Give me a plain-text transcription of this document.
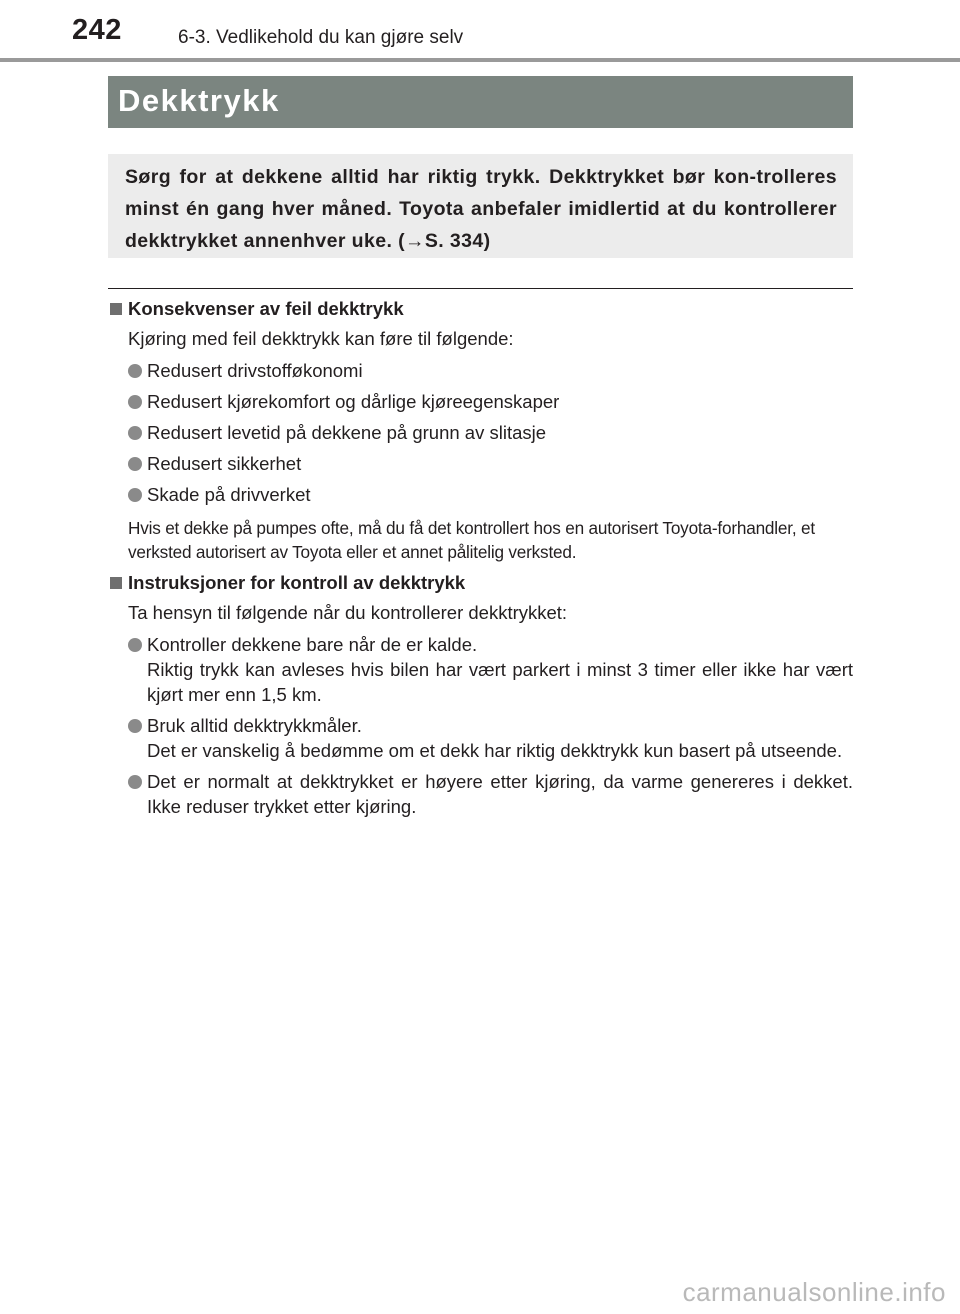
242	6-3. Vedlikehold du kan gjøre selv
Dekktrykk
Sørg for at dekkene alltid har riktig trykk. Dekktrykket bør kon-trolleres minst én gang hver måned. Toyota anbefaler imidlertid at du kontrollerer dekktrykket annenhver uke. (→S. 334)
Konsekvenser av feil dekktrykk
Kjøring med feil dekktrykk kan føre til følgende:
Redusert drivstofføkonomi
Redusert kjørekomfort og dårlige kjøreegenskaper
Redusert levetid på dekkene på grunn av slitasje
Redusert sikkerhet
Skade på drivverket
Hvis et dekke på pumpes ofte, må du få det kontrollert hos en autorisert Toyota-forhandler, et verksted autorisert av Toyota eller et annet pålitelig verksted.
Instruksjoner for kontroll av dekktrykk
Ta hensyn til følgende når du kontrollerer dekktrykket:
Kontroller dekkene bare når de er kalde.
Riktig trykk kan avleses hvis bilen har vært parkert i minst 3 timer eller ikke har vært kjørt mer enn 1,5 km.
Bruk alltid dekktrykkmåler.
Det er vanskelig å bedømme om et dekk har riktig dekktrykk kun basert på utseende.
Det er normalt at dekktrykket er høyere etter kjøring, da varme genereres i dekket. Ikke reduser trykket etter kjøring.
carmanualsonline.info
